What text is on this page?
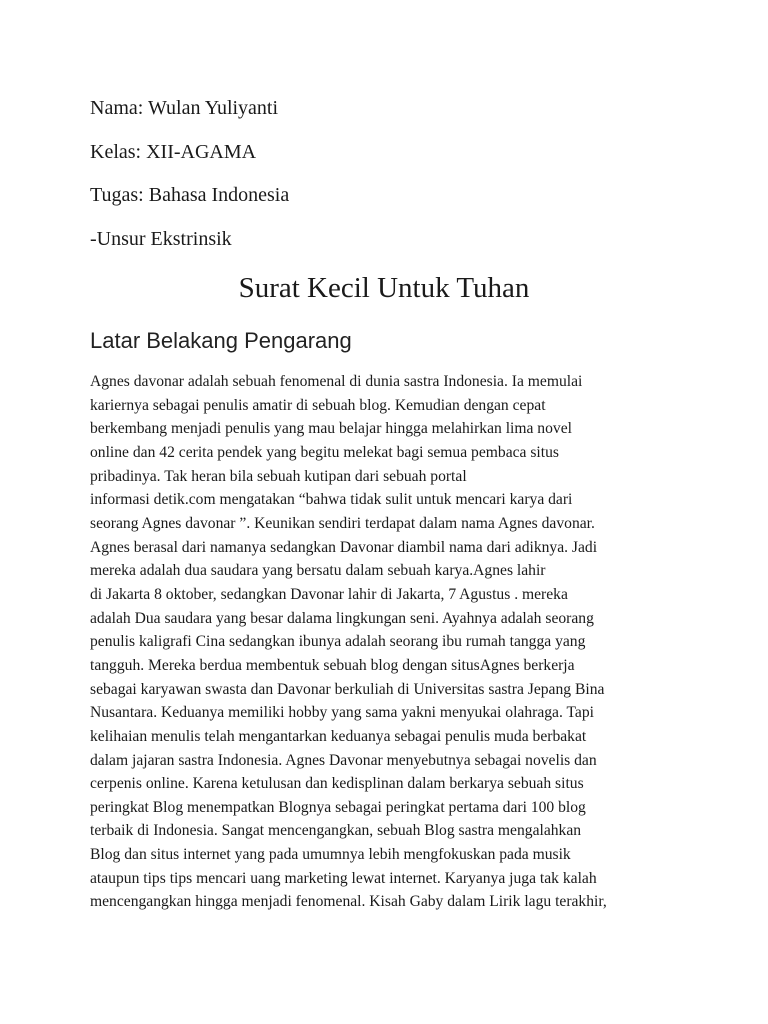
Nama: Wulan Yuliyanti
Kelas: XII-AGAMA
Tugas: Bahasa Indonesia
-Unsur Ekstrinsik
Surat Kecil Untuk Tuhan
Latar Belakang Pengarang
Agnes davonar adalah sebuah fenomenal di dunia sastra Indonesia. Ia memulai
kariernya sebagai penulis amatir di sebuah blog. Kemudian dengan cepat
berkembang menjadi penulis yang mau belajar hingga melahirkan lima novel
online dan 42 cerita pendek yang begitu melekat bagi semua pembaca situs
pribadinya. Tak heran bila sebuah kutipan dari sebuah portal
informasi detik.com mengatakan “bahwa tidak sulit untuk mencari karya dari
seorang Agnes davonar ”. Keunikan sendiri terdapat dalam nama Agnes davonar.
Agnes berasal dari namanya sedangkan Davonar diambil nama dari adiknya. Jadi
mereka adalah dua saudara yang bersatu dalam sebuah karya.Agnes lahir
di Jakarta 8 oktober, sedangkan Davonar lahir di Jakarta, 7 Agustus . mereka
adalah Dua saudara yang besar dalama lingkungan seni. Ayahnya adalah seorang
penulis kaligrafi Cina sedangkan ibunya adalah seorang ibu rumah tangga yang
tangguh. Mereka berdua membentuk sebuah blog dengan situsAgnes berkerja
sebagai karyawan swasta dan Davonar berkuliah di Universitas sastra Jepang Bina
Nusantara. Keduanya memiliki hobby yang sama yakni menyukai olahraga. Tapi
kelihaian menulis telah mengantarkan keduanya sebagai penulis muda berbakat
dalam jajaran sastra Indonesia. Agnes Davonar menyebutnya sebagai novelis dan
cerpenis online. Karena ketulusan dan kedisplinan dalam berkarya sebuah situs
peringkat Blog menempatkan Blognya sebagai peringkat pertama dari 100 blog
terbaik di Indonesia. Sangat mencengangkan, sebuah Blog sastra mengalahkan
Blog dan situs internet yang pada umumnya lebih mengfokuskan pada musik
ataupun tips tips mencari uang marketing lewat internet. Karyanya juga tak kalah
mencengangkan hingga menjadi fenomenal. Kisah Gaby dalam Lirik lagu terakhir,
